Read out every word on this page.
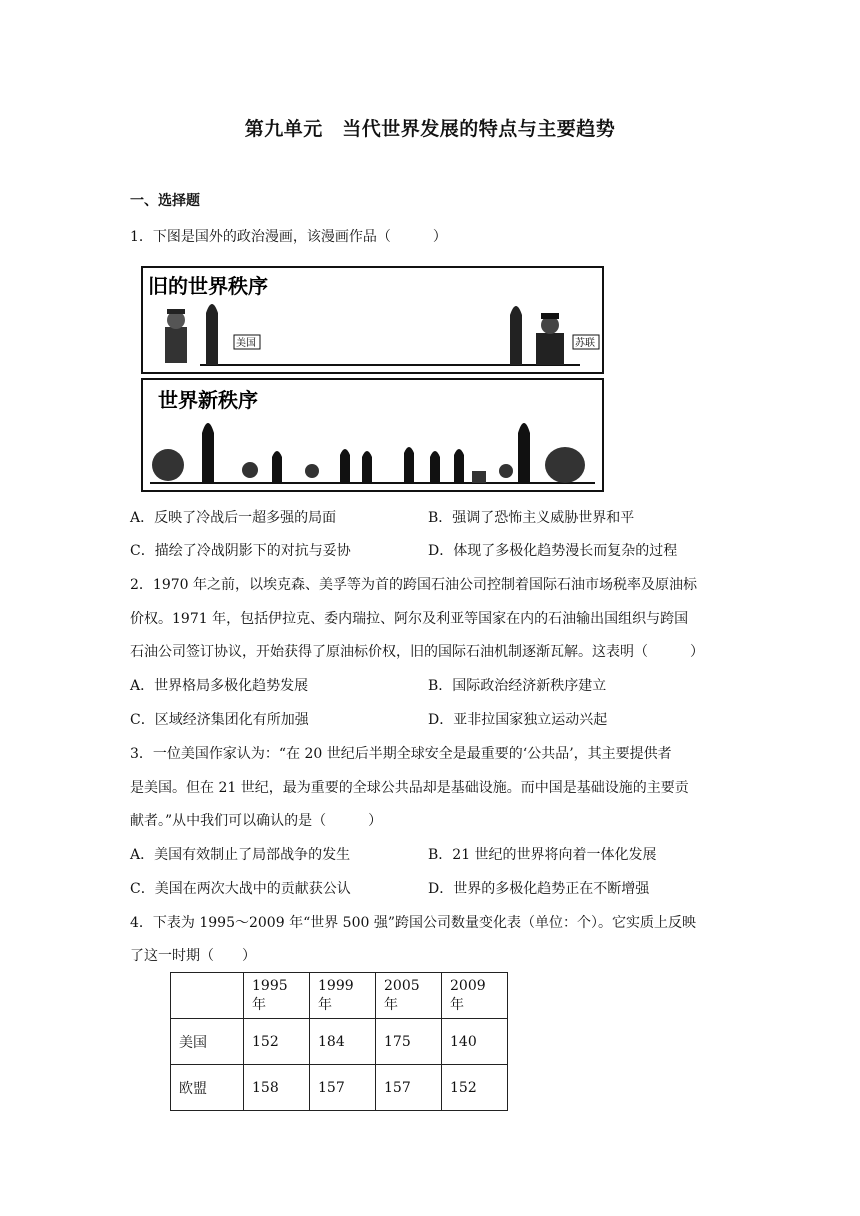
第九单元　当代世界发展的特点与主要趋势
一、选择题
1．下图是国外的政治漫画，该漫画作品（　　　）
旧的世界秩序
美国	苏联
世界新秩序
A．反映了冷战后一超多强的局面	B．强调了恐怖主义威胁世界和平
C．描绘了冷战阴影下的对抗与妥协	D．体现了多极化趋势漫长而复杂的过程
2．1970 年之前，以埃克森、美孚等为首的跨国石油公司控制着国际石油市场税率及原油标
价权。1971 年，包括伊拉克、委内瑞拉、阿尔及利亚等国家在内的石油输出国组织与跨国
石油公司签订协议，开始获得了原油标价权，旧的国际石油机制逐渐瓦解。这表明（　　　）
A．世界格局多极化趋势发展	B．国际政治经济新秩序建立
C．区域经济集团化有所加强	D．亚非拉国家独立运动兴起
3．一位美国作家认为：“在 20 世纪后半期全球安全是最重要的‘公共品’，其主要提供者
是美国。但在 21 世纪，最为重要的全球公共品却是基础设施。而中国是基础设施的主要贡
献者。”从中我们可以确认的是（　　　）
A．美国有效制止了局部战争的发生	B．21 世纪的世界将向着一体化发展
C．美国在两次大战中的贡献获公认	D．世界的多极化趋势正在不断增强
4．下表为 1995～2009 年“世界 500 强”跨国公司数量变化表（单位：个）。它实质上反映
了这一时期（　　）
	1995 年	1999 年	2005 年	2009 年
美国	152	184	175	140
欧盟	158	157	157	152
